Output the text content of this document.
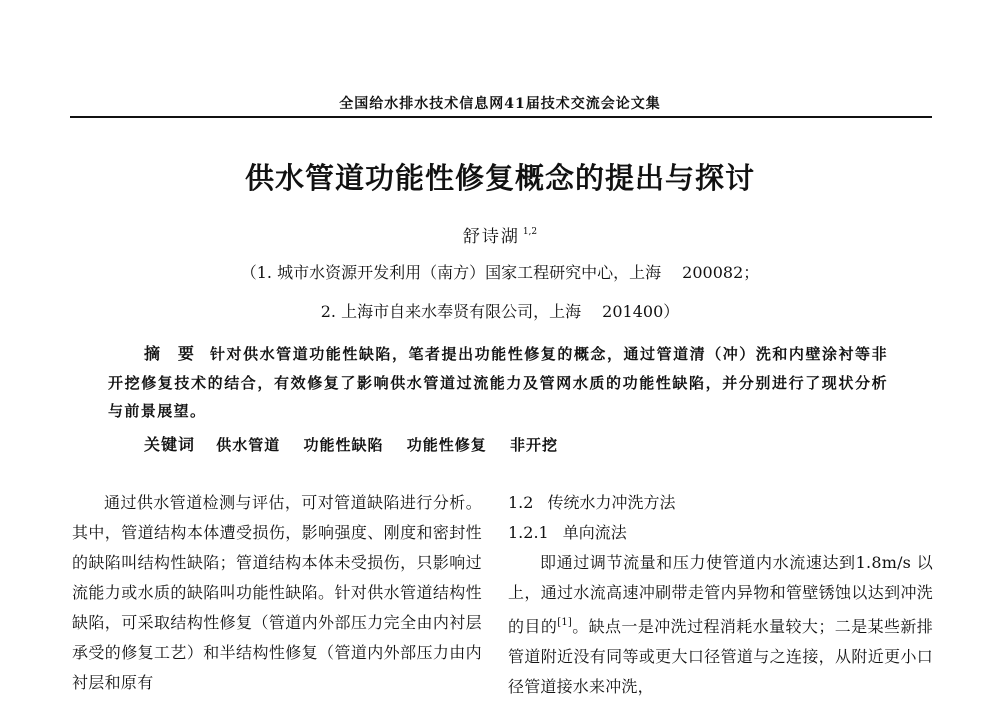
全国给水排水技术信息网41届技术交流会论文集
供水管道功能性修复概念的提出与探讨
舒诗湖 $^{1,2}$
（1. 城市水资源开发利用（南方）国家工程研究中心，上海　 200082；
2. 上海市自来水奉贤有限公司，上海　 201400）
摘 要 针对供水管道功能性缺陷，笔者提出功能性修复的概念，通过管道清（冲）洗和内壁涂衬等非开挖修复技术的结合，有效修复了影响供水管道过流能力及管网水质的功能性缺陷，并分别进行了现状分析与前景展望。
关键词 供水管道 功能性缺陷 功能性修复 非开挖

通过供水管道检测与评估，可对管道缺陷进行分析。其中，管道结构本体遭受损伤，影响强度、刚度和密封性的缺陷叫结构性缺陷；管道结构本体未受损伤，只影响过流能力或水质的缺陷叫功能性缺陷。针对供水管道结构性缺陷，可采取结构性修复（管道内外部压力完全由内衬层承受的修复工艺）和半结构性修复（管道内外部压力由内衬层和原有

1.2 传统水力冲洗方法
1.2.1 单向流法

即通过调节流量和压力使管道内水流速达到1.8m/s 以上，通过水流高速冲刷带走管内异物和管壁锈蚀以达到冲洗的目的[1]。缺点一是冲洗过程消耗水量较大；二是某些新排管道附近没有同等或更大口径管道与之连接，从附近更小口径管道接水来冲洗，
